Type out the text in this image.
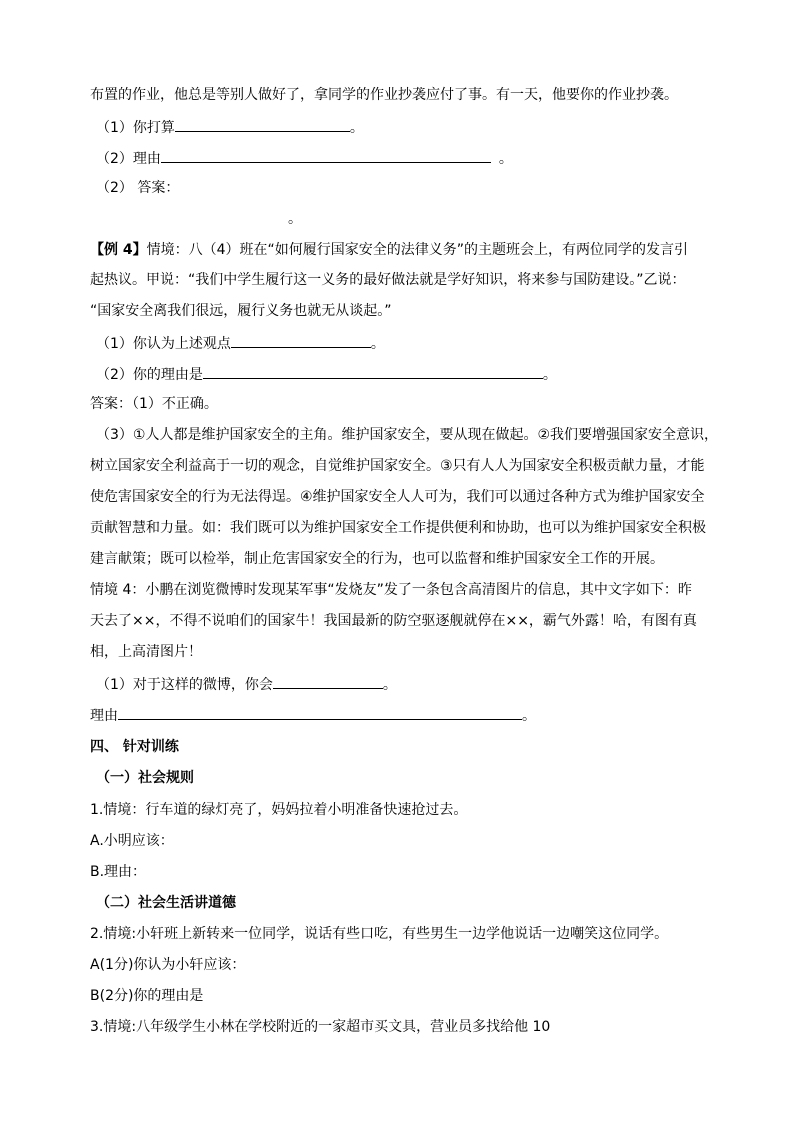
布置的作业，他总是等别人做好了，拿同学的作业抄袭应付了事。有一天，他要你的作业抄袭。
（1）你打算	。
（2）理由	。
（2） 答案：
。
【例 4】情境：八（4）班在“如何履行国家安全的法律义务”的主题班会上，有两位同学的发言引
起热议。甲说：“我们中学生履行这一义务的最好做法就是学好知识，将来参与国防建设。”乙说：
“国家安全离我们很远，履行义务也就无从谈起。”
（1）你认为上述观点	。
（2）你的理由是	。
答案：（1）不正确。
（3）①人人都是维护国家安全的主角。维护国家安全，要从现在做起。②我们要增强国家安全意识，
树立国家安全利益高于一切的观念，自觉维护国家安全。③只有人人为国家安全积极贡献力量，才能
使危害国家安全的行为无法得逞。④维护国家安全人人可为，我们可以通过各种方式为维护国家安全
贡献智慧和力量。如：我们既可以为维护国家安全工作提供便利和协助，也可以为维护国家安全积极
建言献策；既可以检举，制止危害国家安全的行为，也可以监督和维护国家安全工作的开展。
情境 4：小鹏在浏览微博时发现某军事“发烧友”发了一条包含高清图片的信息，其中文字如下：昨
天去了××，不得不说咱们的国家牛！我国最新的防空驱逐舰就停在××，霸气外露！哈，有图有真
相，上高清图片！
（1）对于这样的微博，你会	。
理由	。
四、 针对训练
（一）社会规则
1.情境：行车道的绿灯亮了，妈妈拉着小明准备快速抢过去。
A.小明应该：
B.理由：
（二）社会生活讲道德
2.情境:小轩班上新转来一位同学，说话有些口吃，有些男生一边学他说话一边嘲笑这位同学。
A(1分)你认为小轩应该：
B(2分)你的理由是
3.情境:八年级学生小林在学校附近的一家超市买文具，营业员多找给他 10
